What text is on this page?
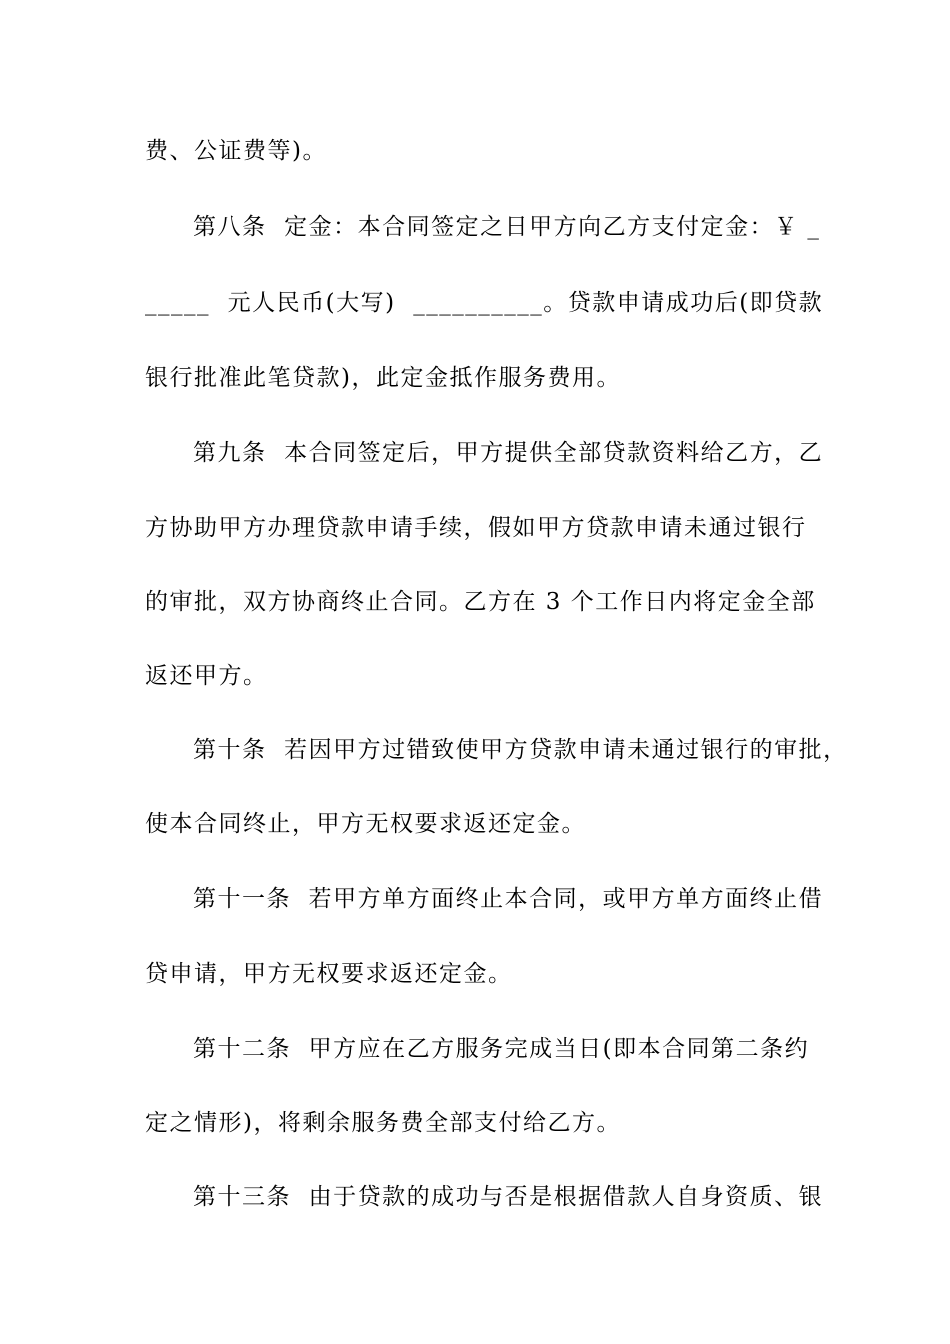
费、公证费等)。
第八条  定金：本合同签定之日甲方向乙方支付定金：￥ _
_____  元人民币(大写)  __________。贷款申请成功后(即贷款
银行批准此笔贷款)，此定金抵作服务费用。
第九条  本合同签定后，甲方提供全部贷款资料给乙方，乙
方协助甲方办理贷款申请手续，假如甲方贷款申请未通过银行
的审批，双方协商终止合同。乙方在 3 个工作日内将定金全部
返还甲方。
第十条  若因甲方过错致使甲方贷款申请未通过银行的审批，
使本合同终止，甲方无权要求返还定金。
第十一条  若甲方单方面终止本合同，或甲方单方面终止借
贷申请，甲方无权要求返还定金。
第十二条  甲方应在乙方服务完成当日(即本合同第二条约
定之情形)，将剩余服务费全部支付给乙方。
第十三条  由于贷款的成功与否是根据借款人自身资质、银
